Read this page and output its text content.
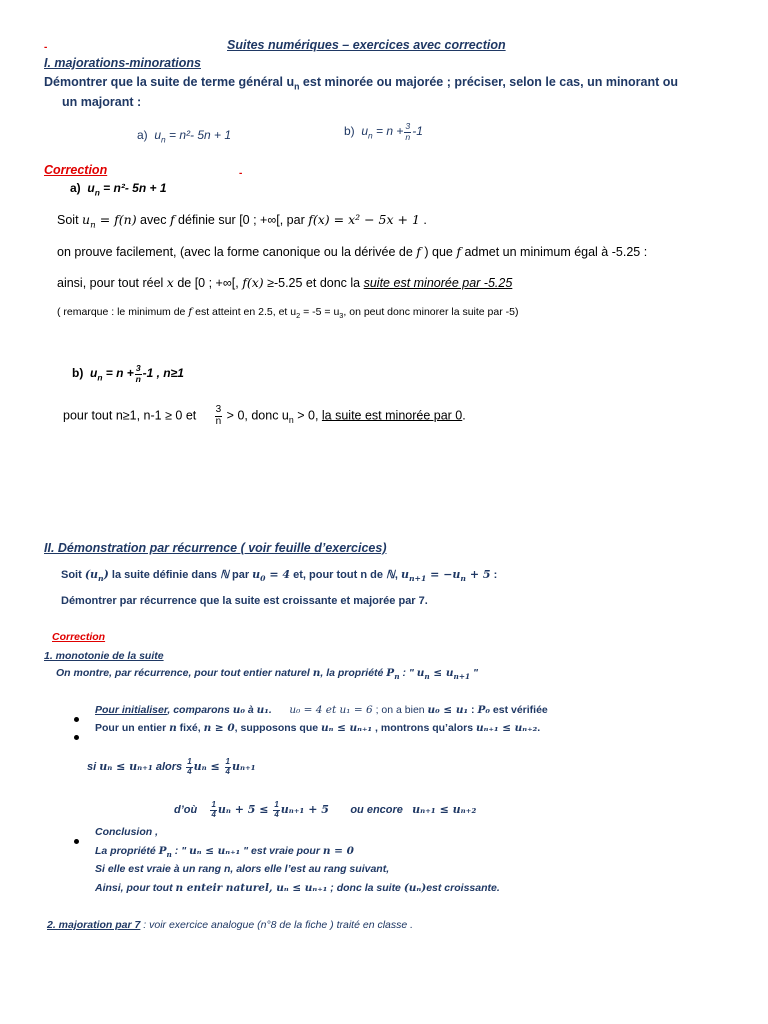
Suites numériques – exercices avec correction
-
I. majorations-minorations
Démontrer que la suite de terme général $u_n$ est minorée ou majorée ; préciser, selon le cas, un minorant ou
un majorant :
a) $u_n = n^2-$ 5n + 1	b) $u_n = n + \frac{3}{n} -1$
Correction	-
a) $u_n = n^2-$ 5n + 1
Soit $u_n = f(n)$ avec f définie sur [0 ; +∞[, par f(x) = x² − 5x + 1 .
on prouve facilement, (avec la forme canonique ou la dérivée de f ) que f admet un minimum égal à -5.25 :
ainsi, pour tout réel x de [0 ; +∞[, f(x) ≥-5.25 et donc la suite est minorée par -5.25
( remarque : le minimum de f est atteint en 2.5, et $u_2 = -5 = u_3$, on peut donc minorer la suite par -5)
b) $u_n = n + \frac{3}{n} -1$ , n≥1
pour tout n≥1, n-1 ≥ 0 et $\frac{3}{n} > 0$, donc $u_n > 0$, la suite est minorée par 0.
II. Démonstration par récurrence ( voir feuille d’exercices)
Soit $(u_n)$ la suite définie dans ℕ par $u_0 = 4$ et, pour tout n de ℕ, $u_{n+1} = -u_n + 5$ :
Démontrer par récurrence que la suite est croissante et majorée par 7.
Correction
1. monotonie de la suite
On montre, par récurrence, pour tout entier naturel n, la propriété $P_n$ : " $u_n \le u_{n+1}$ "
Pour initialiser, comparons u₀ à u₁. u₀ = 4 et u₁ = 6 ; on a bien u₀ ≤ u₁ : P₀ est vérifiée
Pour un entier n fixé, n ≥ 0, supposons que uₙ ≤ uₙ₊₁ , montrons qu’alors uₙ₊₁ ≤ uₙ₊₂.
si uₙ ≤ uₙ₊₁ alors $\frac{1}{4}$ $u_n \le \frac{1}{4} u_{n+1}$
d’où $\frac{1}{4}$ $u_n + 5 \le \frac{1}{4} u_{n+1} + 5$ ou encore uₙ₊₁ ≤ uₙ₊₂
Conclusion ,
La propriété $P_n$ : " uₙ ≤ uₙ₊₁ " est vraie pour n = 0
Si elle est vraie à un rang n, alors elle l’est au rang suivant,
Ainsi, pour tout n enteir naturel, uₙ ≤ uₙ₊₁ ; donc la suite (uₙ)est croissante.
2. majoration par 7 : voir exercice analogue (n°8 de la fiche ) traité en classe .
